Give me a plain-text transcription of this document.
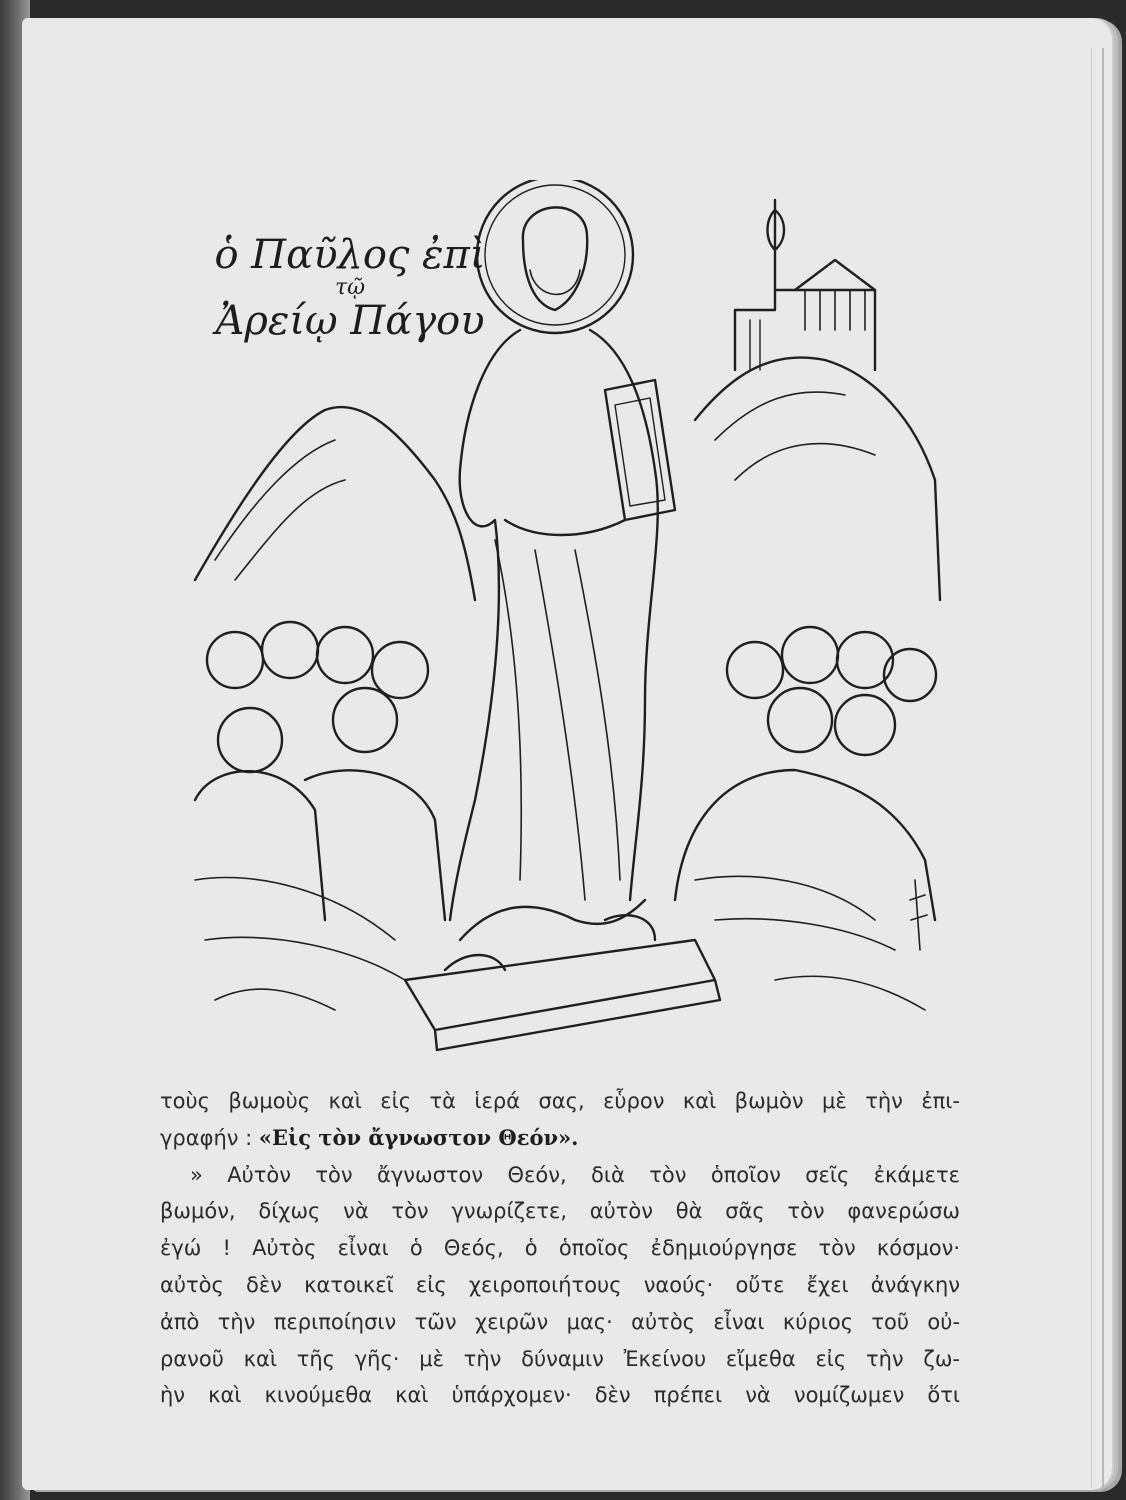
ὁ Παῦλος ἐπὶ
τῷ
Ἀρείῳ Πάγου

τοὺς βωμοὺς καὶ εἰς τὰ ἱερά σας, εὗρον καὶ βωμὸν μὲ τὴν ἐπι-

γραφήν : «Εἰς τὸν ἄγνωστον Θεόν».

» Αὐτὸν τὸν ἄγνωστον Θεόν, διὰ τὸν ὁποῖον σεῖς ἐκάμετε

βωμόν, δίχως νὰ τὸν γνωρίζετε, αὐτὸν θὰ σᾶς τὸν φανερώσω

ἐγώ ! Αὐτὸς εἶναι ὁ Θεός, ὁ ὁποῖος ἐδημιούργησε τὸν κόσμον·

αὐτὸς δὲν κατοικεῖ εἰς χειροποιήτους ναούς· οὔτε ἔχει ἀνάγκην

ἀπὸ τὴν περιποίησιν τῶν χειρῶν μας· αὐτὸς εἶναι κύριος τοῦ οὐ-

ρανοῦ καὶ τῆς γῆς· μὲ τὴν δύναμιν Ἐκείνου εἴμεθα εἰς τὴν ζω-

ὴν καὶ κινούμεθα καὶ ὑπάρχομεν· δὲν πρέπει νὰ νομίζωμεν ὅτι
